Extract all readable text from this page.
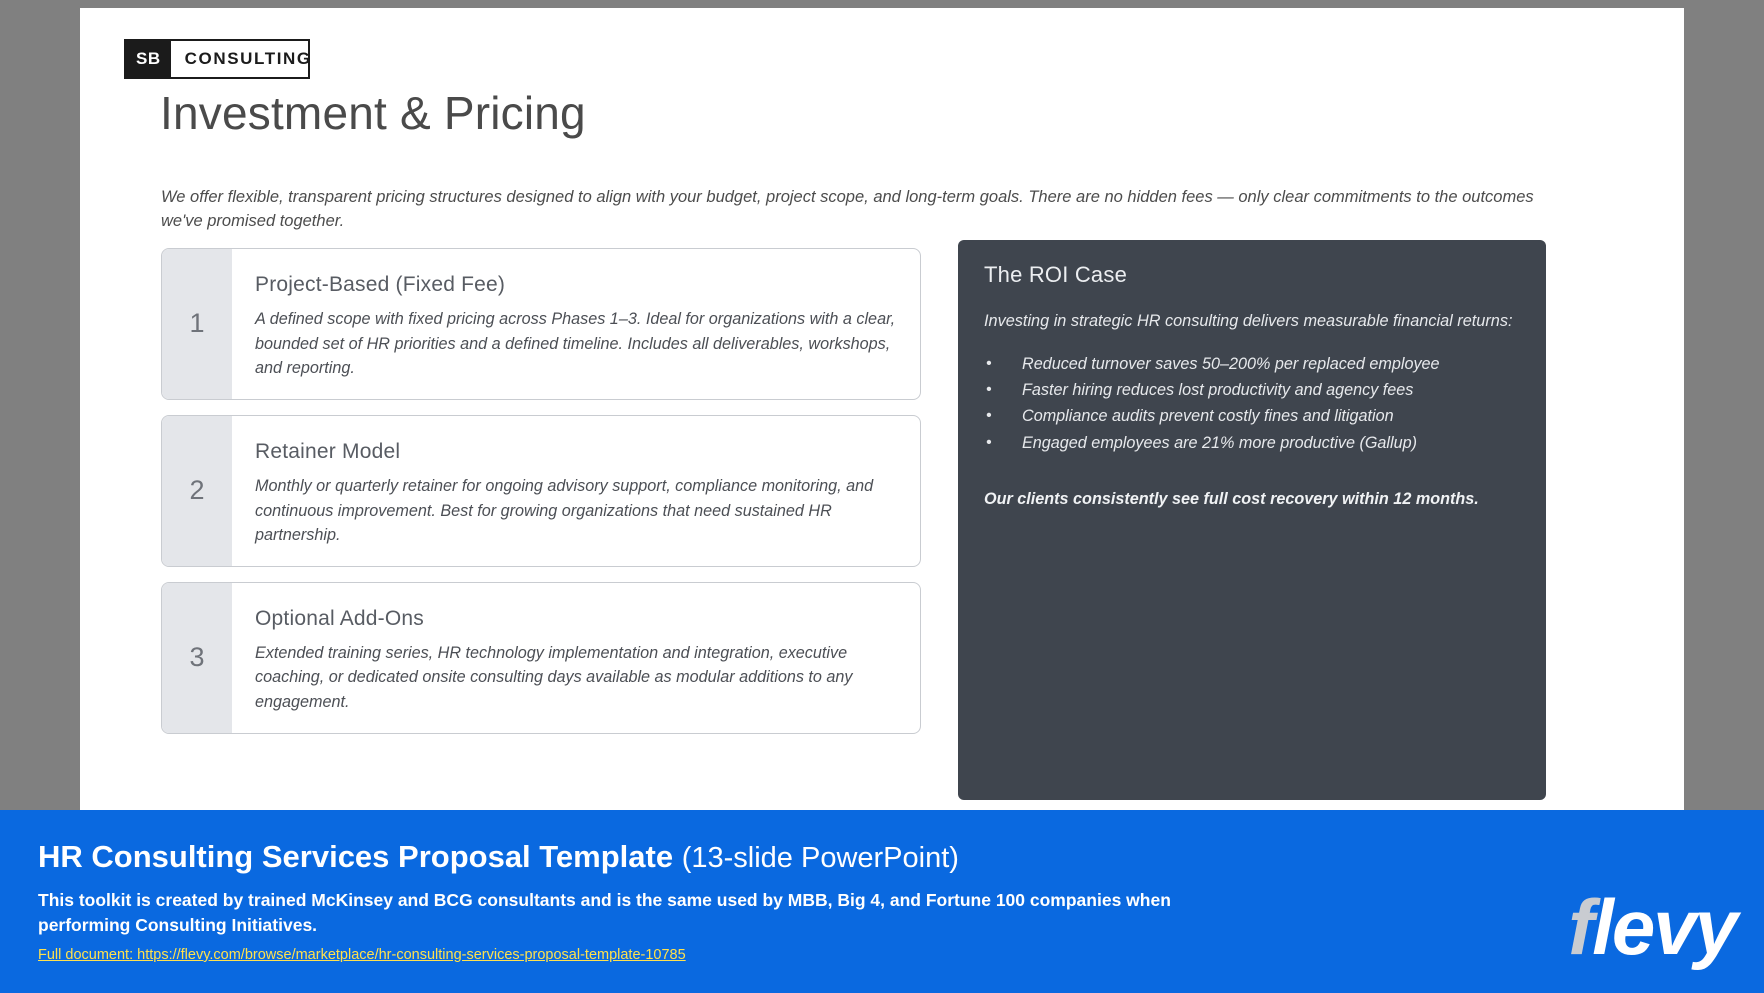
SB	CONSULTING
Investment & Pricing
We offer flexible, transparent pricing structures designed to align with your budget, project scope, and long-term goals. There are no hidden fees — only clear commitments to the outcomes we've promised together.
1
Project-Based (Fixed Fee)
A defined scope with fixed pricing across Phases 1–3. Ideal for organizations with a clear, bounded set of HR priorities and a defined timeline. Includes all deliverables, workshops, and reporting.
2
Retainer Model
Monthly or quarterly retainer for ongoing advisory support, compliance monitoring, and continuous improvement. Best for growing organizations that need sustained HR partnership.
3
Optional Add-Ons
Extended training series, HR technology implementation and integration, executive coaching, or dedicated onsite consulting days available as modular additions to any engagement.
The ROI Case
Investing in strategic HR consulting delivers measurable financial returns:
• Reduced turnover saves 50–200% per replaced employee
• Faster hiring reduces lost productivity and agency fees
• Compliance audits prevent costly fines and litigation
• Engaged employees are 21% more productive (Gallup)
Our clients consistently see full cost recovery within 12 months.
HR Consulting Services Proposal Template (13-slide PowerPoint)
This toolkit is created by trained McKinsey and BCG consultants and is the same used by MBB, Big 4, and Fortune 100 companies when performing Consulting Initiatives.
Full document: https://flevy.com/browse/marketplace/hr-consulting-services-proposal-template-10785	flevy
